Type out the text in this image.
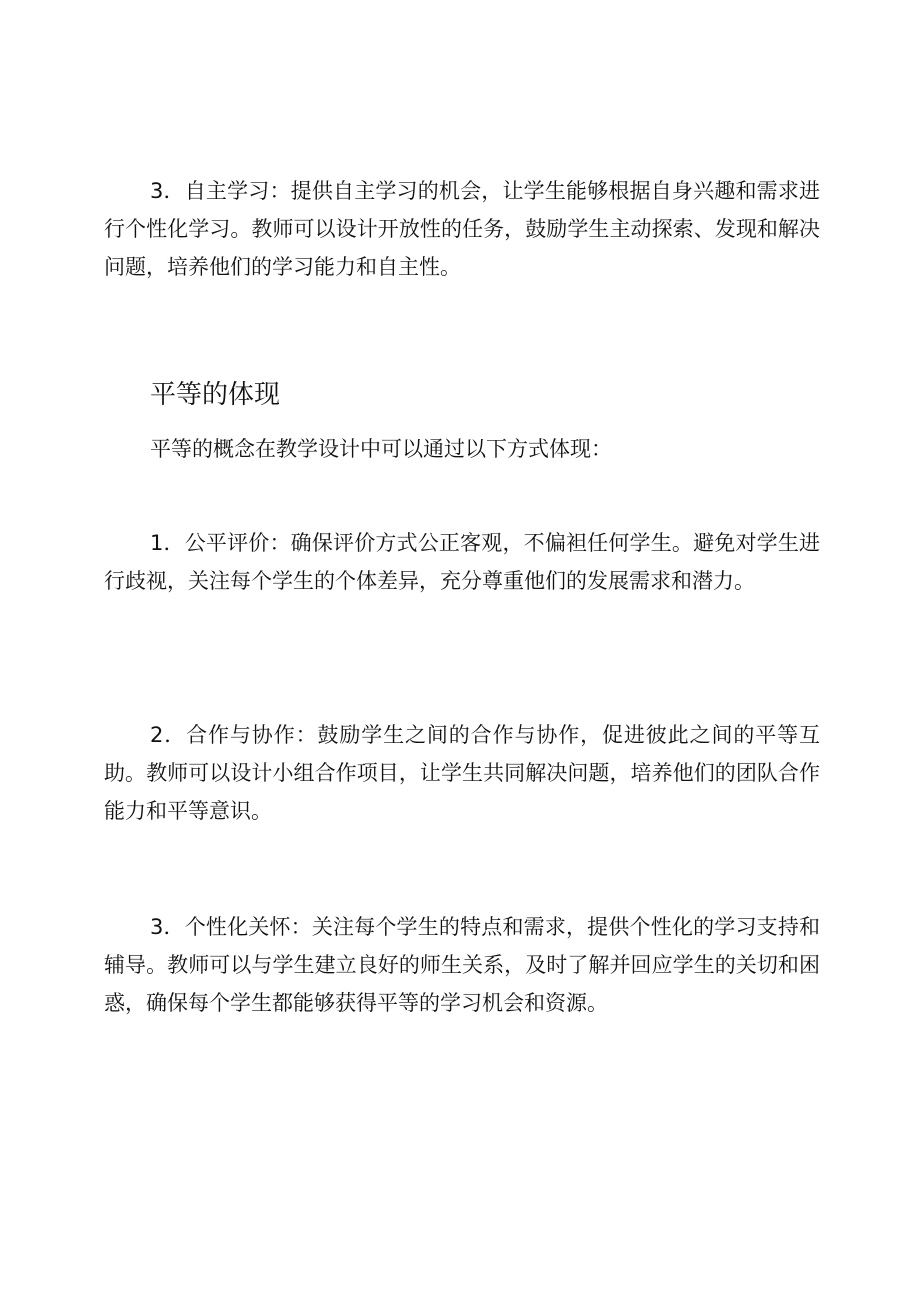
3．自主学习：提供自主学习的机会，让学生能够根据自身兴趣和需求进行个性化学习。教师可以设计开放性的任务，鼓励学生主动探索、发现和解决问题，培养他们的学习能力和自主性。

平等的体现

平等的概念在教学设计中可以通过以下方式体现：

1．公平评价：确保评价方式公正客观，不偏袒任何学生。避免对学生进行歧视，关注每个学生的个体差异，充分尊重他们的发展需求和潜力。

2．合作与协作：鼓励学生之间的合作与协作，促进彼此之间的平等互助。教师可以设计小组合作项目，让学生共同解决问题，培养他们的团队合作能力和平等意识。

3．个性化关怀：关注每个学生的特点和需求，提供个性化的学习支持和辅导。教师可以与学生建立良好的师生关系，及时了解并回应学生的关切和困惑，确保每个学生都能够获得平等的学习机会和资源。
